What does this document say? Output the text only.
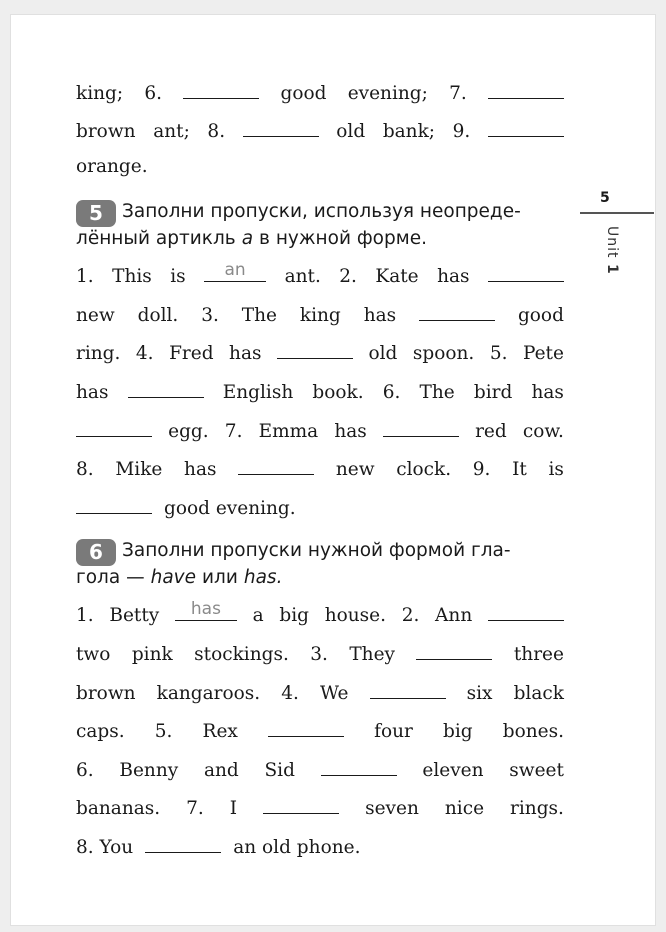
5
Unit 1
king; 6.	good evening; 7.
brown ant; 8.	old bank; 9.
orange.
5 Заполни пропуски, используя неопреде-
лённый артикль a в нужной форме.
1. This is	an	ant. 2. Kate has
new doll. 3. The king has	good
ring. 4. Fred has	old spoon. 5. Pete
has	English book. 6. The bird has
egg. 7. Emma has	red cow.
8. Mike has	new clock. 9. It is
good evening.
6 Заполни пропуски нужной формой гла-
гола — have или has.
1. Betty	has	a big house. 2. Ann
two pink stockings. 3. They	three
brown kangaroos. 4. We	six black
caps. 5. Rex	four big bones.
6. Benny and Sid	eleven sweet
bananas. 7. I	seven nice rings.
8. You	an old phone.
